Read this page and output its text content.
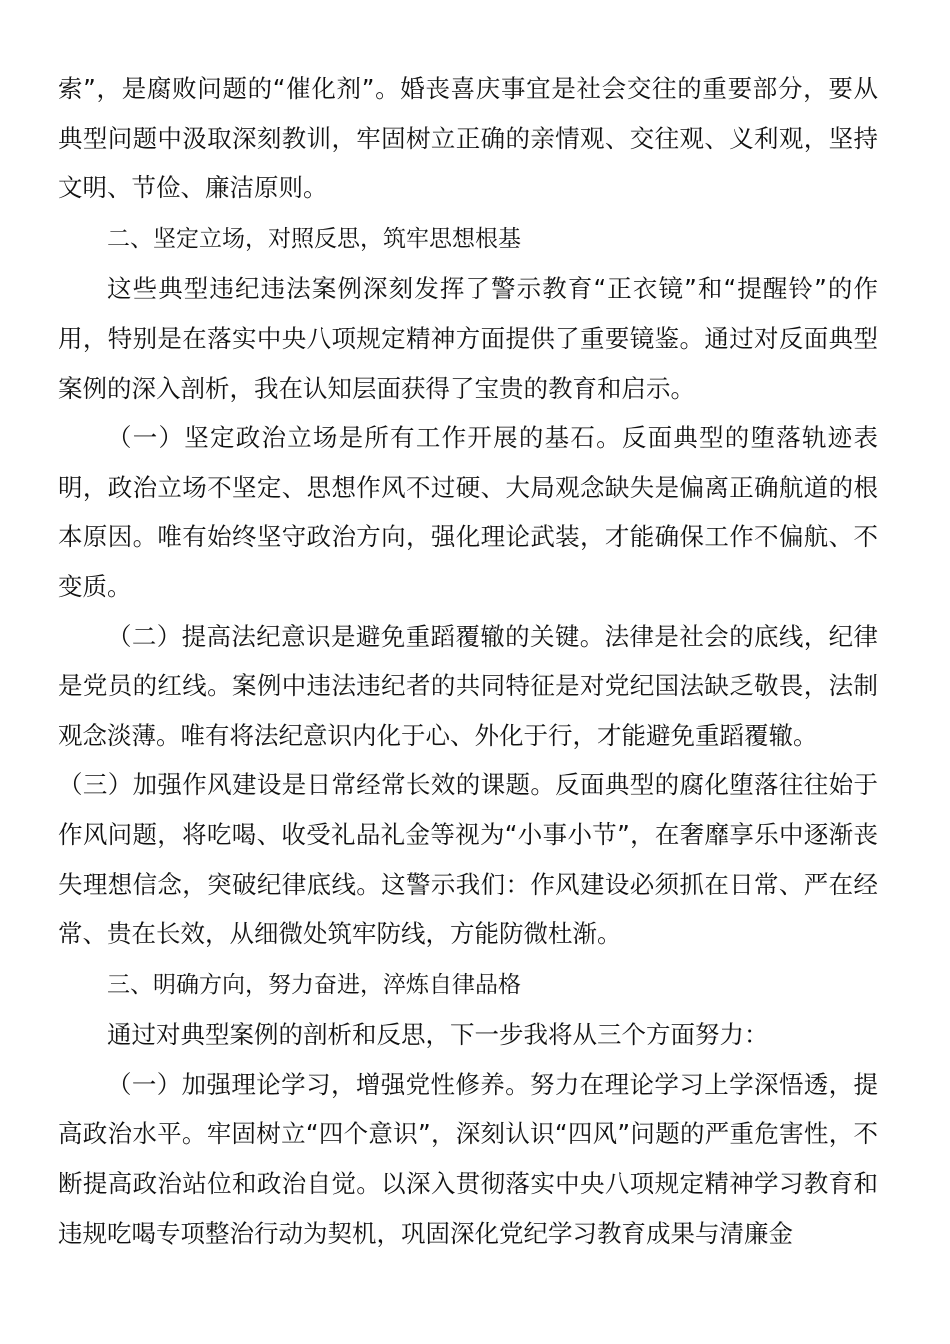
索”，是腐败问题的“催化剂”。婚丧喜庆事宜是社会交往的重要部分，要从典型问题中汲取深刻教训，牢固树立正确的亲情观、交往观、义利观，坚持文明、节俭、廉洁原则。

二、坚定立场，对照反思，筑牢思想根基

这些典型违纪违法案例深刻发挥了警示教育“正衣镜”和“提醒铃”的作用，特别是在落实中央八项规定精神方面提供了重要镜鉴。通过对反面典型案例的深入剖析，我在认知层面获得了宝贵的教育和启示。

（一）坚定政治立场是所有工作开展的基石。反面典型的堕落轨迹表明，政治立场不坚定、思想作风不过硬、大局观念缺失是偏离正确航道的根本原因。唯有始终坚守政治方向，强化理论武装，才能确保工作不偏航、不变质。

（二）提高法纪意识是避免重蹈覆辙的关键。法律是社会的底线，纪律是党员的红线。案例中违法违纪者的共同特征是对党纪国法缺乏敬畏，法制观念淡薄。唯有将法纪意识内化于心、外化于行，才能避免重蹈覆辙。

（三）加强作风建设是日常经常长效的课题。反面典型的腐化堕落往往始于作风问题，将吃喝、收受礼品礼金等视为“小事小节”，在奢靡享乐中逐渐丧失理想信念，突破纪律底线。这警示我们：作风建设必须抓在日常、严在经常、贵在长效，从细微处筑牢防线，方能防微杜渐。

三、明确方向，努力奋进，淬炼自律品格

通过对典型案例的剖析和反思，下一步我将从三个方面努力：

（一）加强理论学习，增强党性修养。努力在理论学习上学深悟透，提高政治水平。牢固树立“四个意识”，深刻认识“四风”问题的严重危害性，不断提高政治站位和政治自觉。以深入贯彻落实中央八项规定精神学习教育和违规吃喝专项整治行动为契机，巩固深化党纪学习教育成果与清廉金
